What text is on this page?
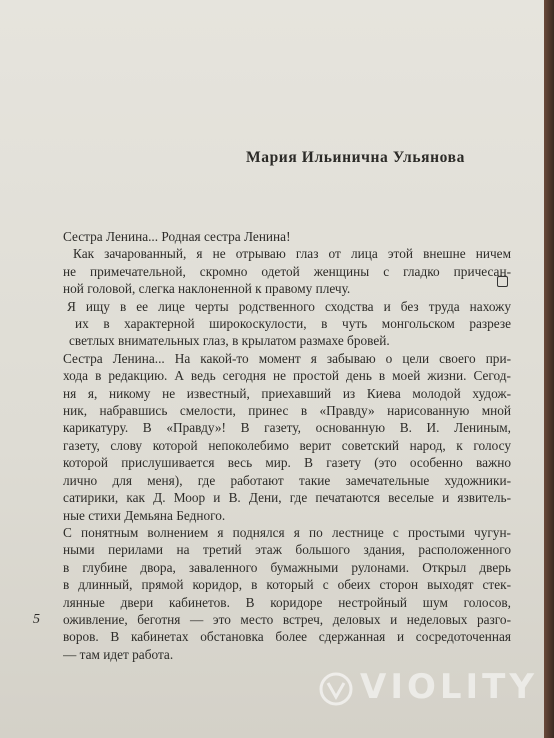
Мария Ильинична Ульянова

Сестра Ленина... Родная сестра Ленина!

Как зачарованный, я не отрываю глаз от лица этой внешне ничем
не примечательной, скромно одетой женщины с гладко причесан-
ной головой, слегка наклоненной к правому плечу.

Я ищу в ее лице черты родственного сходства и без труда нахожу
их в характерной широкоскулости, в чуть монгольском разрезе
светлых внимательных глаз, в крылатом размахе бровей.

Сестра Ленина... На какой-то момент я забываю о цели своего при-
хода в редакцию. А ведь сегодня не простой день в моей жизни. Сегод-
ня я, никому не известный, приехавший из Киева молодой худож-
ник, набравшись смелости, принес в «Правду» нарисованную мной
карикатуру. В «Правду»! В газету, основанную В. И. Лениным,
газету, слову которой непоколебимо верит советский народ, к голосу
которой прислушивается весь мир. В газету (это особенно важно
лично для меня), где работают такие замечательные художники-
сатирики, как Д. Моор и В. Дени, где печатаются веселые и язвитель-
ные стихи Демьяна Бедного.

С понятным волнением я поднялся я по лестнице с простыми чугун-
ными перилами на третий этаж большого здания, расположенного
в глубине двора, заваленного бумажными рулонами. Открыл дверь
в длинный, прямой коридор, в который с обеих сторон выходят стек-
лянные двери кабинетов. В коридоре нестройный шум голосов,
оживление, беготня — это место встреч, деловых и неделовых разго-
воров. В кабинетах обстановка более сдержанная и сосредоточенная
— там идет работа.

5
VIOLITY
